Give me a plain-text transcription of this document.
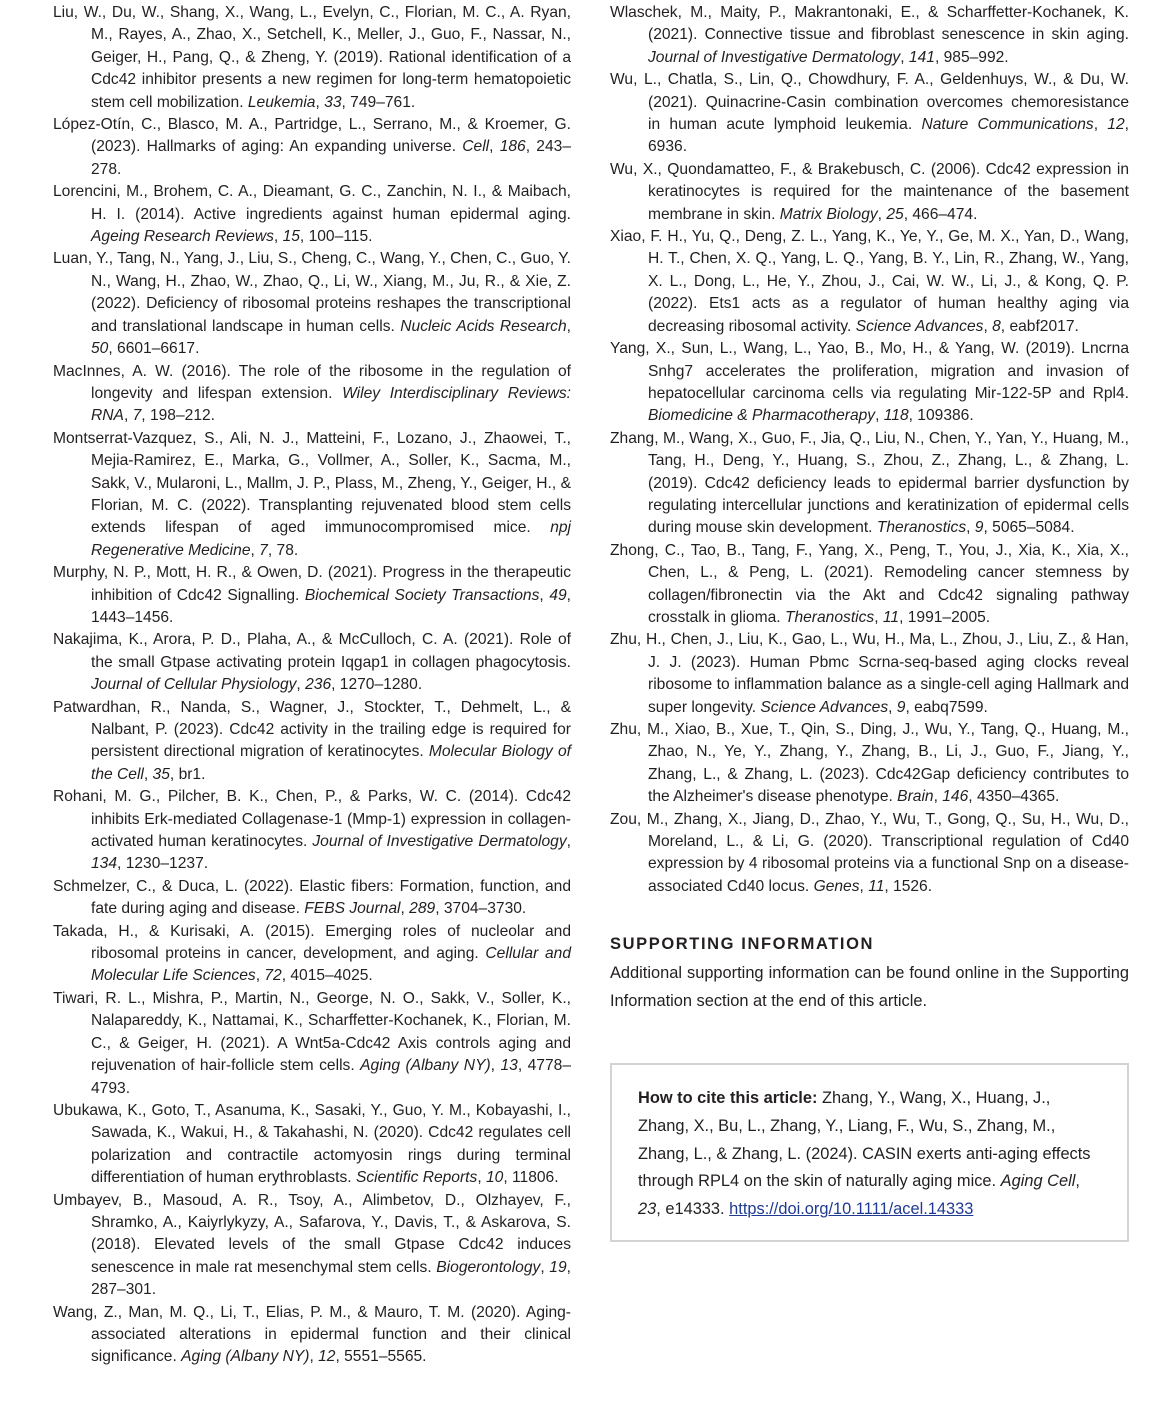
Liu, W., Du, W., Shang, X., Wang, L., Evelyn, C., Florian, M. C., A. Ryan, M., Rayes, A., Zhao, X., Setchell, K., Meller, J., Guo, F., Nassar, N., Geiger, H., Pang, Q., & Zheng, Y. (2019). Rational identification of a Cdc42 inhibitor presents a new regimen for long-term hematopoietic stem cell mobilization. Leukemia, 33, 749–761.

López-Otín, C., Blasco, M. A., Partridge, L., Serrano, M., & Kroemer, G. (2023). Hallmarks of aging: An expanding universe. Cell, 186, 243–278.

Lorencini, M., Brohem, C. A., Dieamant, G. C., Zanchin, N. I., & Maibach, H. I. (2014). Active ingredients against human epidermal aging. Ageing Research Reviews, 15, 100–115.

Luan, Y., Tang, N., Yang, J., Liu, S., Cheng, C., Wang, Y., Chen, C., Guo, Y. N., Wang, H., Zhao, W., Zhao, Q., Li, W., Xiang, M., Ju, R., & Xie, Z. (2022). Deficiency of ribosomal proteins reshapes the transcriptional and translational landscape in human cells. Nucleic Acids Research, 50, 6601–6617.

MacInnes, A. W. (2016). The role of the ribosome in the regulation of longevity and lifespan extension. Wiley Interdisciplinary Reviews: RNA, 7, 198–212.

Montserrat-Vazquez, S., Ali, N. J., Matteini, F., Lozano, J., Zhaowei, T., Mejia-Ramirez, E., Marka, G., Vollmer, A., Soller, K., Sacma, M., Sakk, V., Mularoni, L., Mallm, J. P., Plass, M., Zheng, Y., Geiger, H., & Florian, M. C. (2022). Transplanting rejuvenated blood stem cells extends lifespan of aged immunocompromised mice. npj Regenerative Medicine, 7, 78.

Murphy, N. P., Mott, H. R., & Owen, D. (2021). Progress in the therapeutic inhibition of Cdc42 Signalling. Biochemical Society Transactions, 49, 1443–1456.

Nakajima, K., Arora, P. D., Plaha, A., & McCulloch, C. A. (2021). Role of the small Gtpase activating protein Iqgap1 in collagen phagocytosis. Journal of Cellular Physiology, 236, 1270–1280.

Patwardhan, R., Nanda, S., Wagner, J., Stockter, T., Dehmelt, L., & Nalbant, P. (2023). Cdc42 activity in the trailing edge is required for persistent directional migration of keratinocytes. Molecular Biology of the Cell, 35, br1.

Rohani, M. G., Pilcher, B. K., Chen, P., & Parks, W. C. (2014). Cdc42 inhibits Erk-mediated Collagenase-1 (Mmp-1) expression in collagen-activated human keratinocytes. Journal of Investigative Dermatology, 134, 1230–1237.

Schmelzer, C., & Duca, L. (2022). Elastic fibers: Formation, function, and fate during aging and disease. FEBS Journal, 289, 3704–3730.

Takada, H., & Kurisaki, A. (2015). Emerging roles of nucleolar and ribosomal proteins in cancer, development, and aging. Cellular and Molecular Life Sciences, 72, 4015–4025.

Tiwari, R. L., Mishra, P., Martin, N., George, N. O., Sakk, V., Soller, K., Nalapareddy, K., Nattamai, K., Scharffetter-Kochanek, K., Florian, M. C., & Geiger, H. (2021). A Wnt5a-Cdc42 Axis controls aging and rejuvenation of hair-follicle stem cells. Aging (Albany NY), 13, 4778–4793.

Ubukawa, K., Goto, T., Asanuma, K., Sasaki, Y., Guo, Y. M., Kobayashi, I., Sawada, K., Wakui, H., & Takahashi, N. (2020). Cdc42 regulates cell polarization and contractile actomyosin rings during terminal differentiation of human erythroblasts. Scientific Reports, 10, 11806.

Umbayev, B., Masoud, A. R., Tsoy, A., Alimbetov, D., Olzhayev, F., Shramko, A., Kaiyrlykyzy, A., Safarova, Y., Davis, T., & Askarova, S. (2018). Elevated levels of the small Gtpase Cdc42 induces senescence in male rat mesenchymal stem cells. Biogerontology, 19, 287–301.

Wang, Z., Man, M. Q., Li, T., Elias, P. M., & Mauro, T. M. (2020). Aging-associated alterations in epidermal function and their clinical significance. Aging (Albany NY), 12, 5551–5565.

Wlaschek, M., Maity, P., Makrantonaki, E., & Scharffetter-Kochanek, K. (2021). Connective tissue and fibroblast senescence in skin aging. Journal of Investigative Dermatology, 141, 985–992.

Wu, L., Chatla, S., Lin, Q., Chowdhury, F. A., Geldenhuys, W., & Du, W. (2021). Quinacrine-Casin combination overcomes chemoresistance in human acute lymphoid leukemia. Nature Communications, 12, 6936.

Wu, X., Quondamatteo, F., & Brakebusch, C. (2006). Cdc42 expression in keratinocytes is required for the maintenance of the basement membrane in skin. Matrix Biology, 25, 466–474.

Xiao, F. H., Yu, Q., Deng, Z. L., Yang, K., Ye, Y., Ge, M. X., Yan, D., Wang, H. T., Chen, X. Q., Yang, L. Q., Yang, B. Y., Lin, R., Zhang, W., Yang, X. L., Dong, L., He, Y., Zhou, J., Cai, W. W., Li, J., & Kong, Q. P. (2022). Ets1 acts as a regulator of human healthy aging via decreasing ribosomal activity. Science Advances, 8, eabf2017.

Yang, X., Sun, L., Wang, L., Yao, B., Mo, H., & Yang, W. (2019). Lncrna Snhg7 accelerates the proliferation, migration and invasion of hepatocellular carcinoma cells via regulating Mir-122-5P and Rpl4. Biomedicine & Pharmacotherapy, 118, 109386.

Zhang, M., Wang, X., Guo, F., Jia, Q., Liu, N., Chen, Y., Yan, Y., Huang, M., Tang, H., Deng, Y., Huang, S., Zhou, Z., Zhang, L., & Zhang, L. (2019). Cdc42 deficiency leads to epidermal barrier dysfunction by regulating intercellular junctions and keratinization of epidermal cells during mouse skin development. Theranostics, 9, 5065–5084.

Zhong, C., Tao, B., Tang, F., Yang, X., Peng, T., You, J., Xia, K., Xia, X., Chen, L., & Peng, L. (2021). Remodeling cancer stemness by collagen/fibronectin via the Akt and Cdc42 signaling pathway crosstalk in glioma. Theranostics, 11, 1991–2005.

Zhu, H., Chen, J., Liu, K., Gao, L., Wu, H., Ma, L., Zhou, J., Liu, Z., & Han, J. J. (2023). Human Pbmc Scrna-seq-based aging clocks reveal ribosome to inflammation balance as a single-cell aging Hallmark and super longevity. Science Advances, 9, eabq7599.

Zhu, M., Xiao, B., Xue, T., Qin, S., Ding, J., Wu, Y., Tang, Q., Huang, M., Zhao, N., Ye, Y., Zhang, Y., Zhang, B., Li, J., Guo, F., Jiang, Y., Zhang, L., & Zhang, L. (2023). Cdc42Gap deficiency contributes to the Alzheimer's disease phenotype. Brain, 146, 4350–4365.

Zou, M., Zhang, X., Jiang, D., Zhao, Y., Wu, T., Gong, Q., Su, H., Wu, D., Moreland, L., & Li, G. (2020). Transcriptional regulation of Cd40 expression by 4 ribosomal proteins via a functional Snp on a disease-associated Cd40 locus. Genes, 11, 1526.

SUPPORTING INFORMATION
Additional supporting information can be found online in the Supporting Information section at the end of this article.
How to cite this article: Zhang, Y., Wang, X., Huang, J., Zhang, X., Bu, L., Zhang, Y., Liang, F., Wu, S., Zhang, M., Zhang, L., & Zhang, L. (2024). CASIN exerts anti-aging effects through RPL4 on the skin of naturally aging mice. Aging Cell, 23, e14333. https://doi.org/10.1111/acel.14333
